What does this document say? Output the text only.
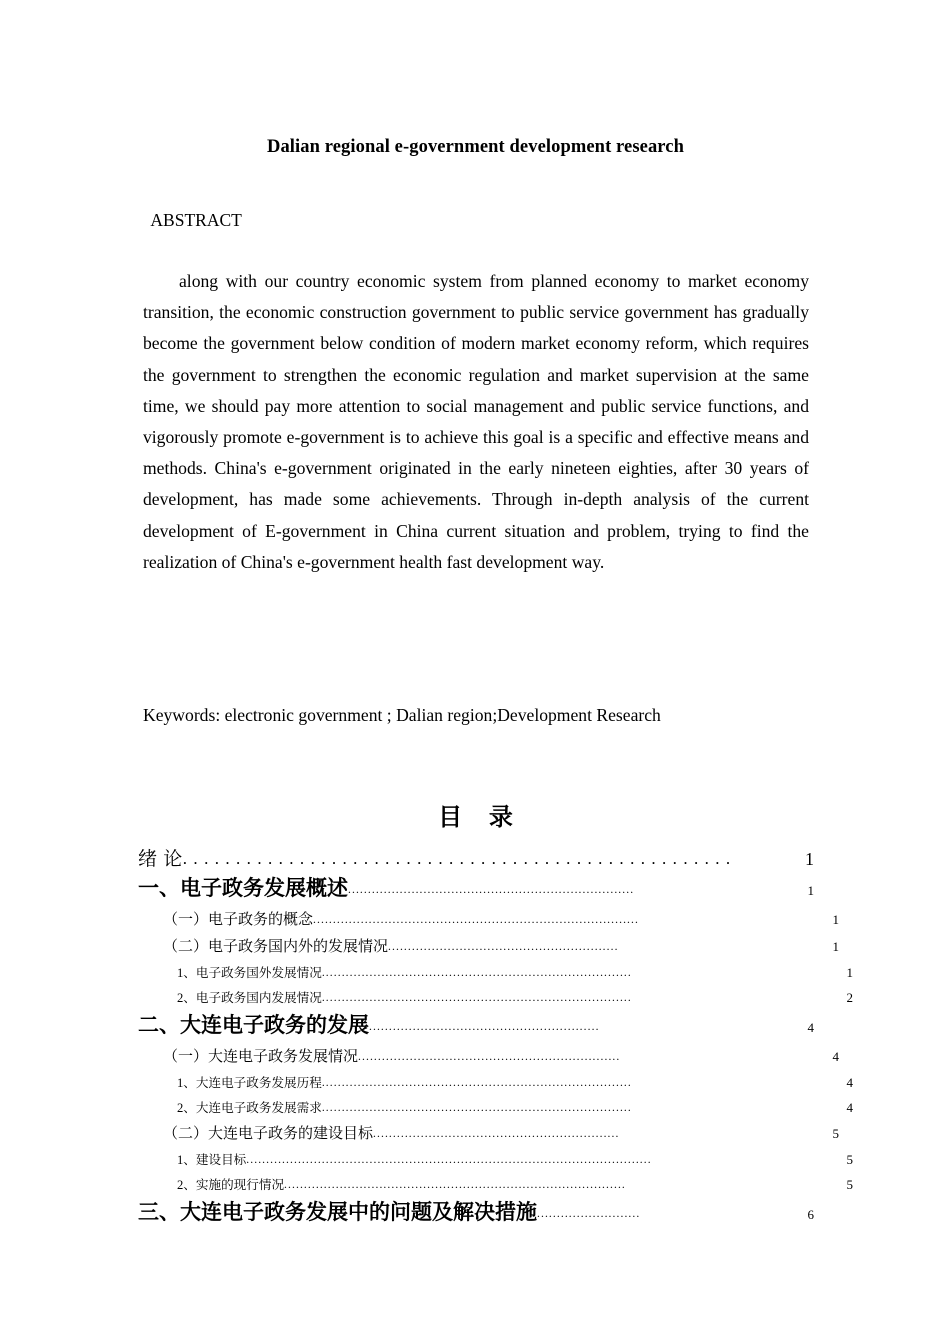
Dalian regional e-government development research
ABSTRACT
along with our country economic system from planned economy to market economy transition, the economic construction government to public service government has gradually become the government below condition of modern market economy reform, which requires the government to strengthen the economic regulation and market supervision at the same time, we should pay more attention to social management and public service functions, and vigorously promote e-government is to achieve this goal is a specific and effective means and methods. China's e-government originated in the early nineteen eighties, after 30 years of development, has made some achievements. Through in-depth analysis of the current development of E-government in China current situation and problem, trying to find the realization of China's e-government health fast development way.
Keywords: electronic government ; Dalian region;Development Research
目    录
绪 论 ....................................................	1
一、电子政务发展概述 ........................................................................	1
（一）电子政务的概念 ..................................................................................	1
（二）电子政务国内外的发展情况 ..........................................................	1
1、电子政务国外发展情况 ..............................................................................	1
2、电子政务国内发展情况 ..............................................................................	2
二、大连电子政务的发展 ..........................................................	4
（一）大连电子政务发展情况 ..................................................................	4
1、大连电子政务发展历程 ..............................................................................	4
2、大连电子政务发展需求 ..............................................................................	4
（二）大连电子政务的建设目标 ..............................................................	5
1、建设目标 ......................................................................................................	5
2、实施的现行情况 ......................................................................................	5
三、大连电子政务发展中的问题及解决措施 ..........................	6
